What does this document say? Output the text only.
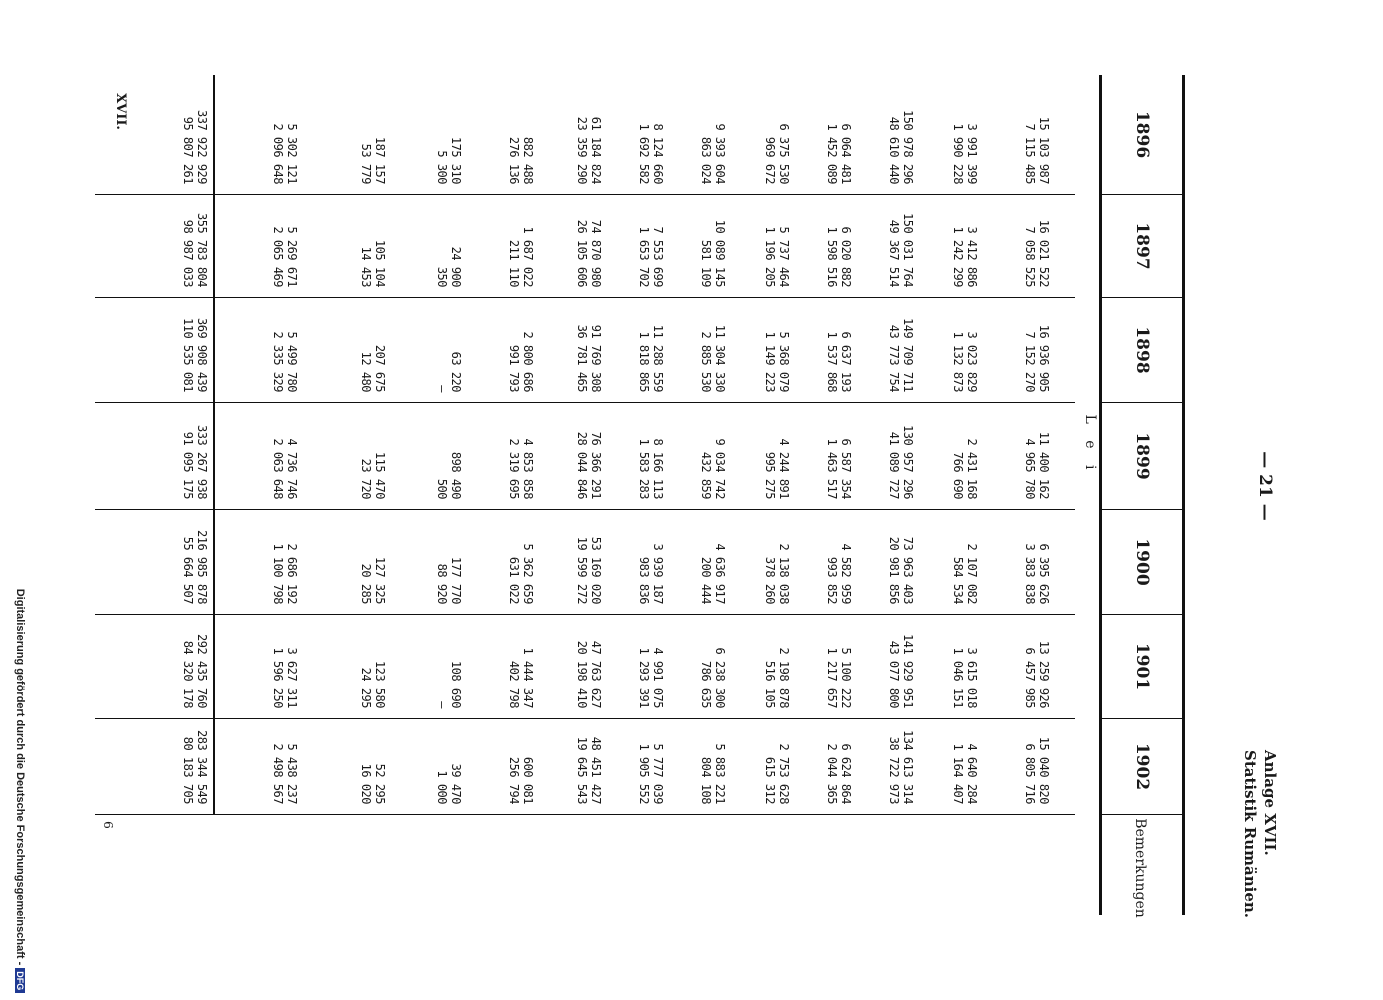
— 21 —
Anlage XVII.
Statistik Rumänien.
Bemerkungen
XVII.
6
Digitalisierung gefördert durch die Deutsche Forschungsgemeinschaft -DFG
1896
1897
1898
1899
1900
1901
1902
L e i
15 103 987
7 115 485
3 991 399
1 990 228
150 978 296
48 610 440
6 064 481
1 452 089
6 375 530
969 672
9 393 604
863 024
8 124 660
1 692 582
61 184 824
23 359 290
882 488
276 136
175 310
5 300
187 157
53 779
5 302 121
2 096 648
337 922 929
95 807 261
16 021 522
7 058 525
3 412 886
1 242 299
150 031 764
49 367 514
6 020 882
1 598 516
5 737 464
1 196 205
10 089 145
581 109
7 553 699
1 653 702
74 870 980
26 105 606
1 687 022
211 110
24 900
350
105 104
14 453
5 269 671
2 065 469
355 783 804
98 987 033
16 936 905
7 152 270
3 023 829
1 132 873
149 709 711
43 773 754
6 637 193
1 537 868
5 368 079
1 149 223
11 304 330
2 885 530
11 288 559
1 818 865
91 769 308
36 781 465
2 800 686
991 793
63 220
—
207 675
12 480
5 499 780
2 335 329
369 908 439
110 535 081
11 400 162
4 965 780
2 431 168
766 690
130 957 296
41 089 727
6 587 354
1 463 517
4 244 891
995 275
9 034 742
432 859
8 166 113
1 583 283
76 366 291
28 044 846
4 853 858
2 319 695
898 490
500
115 470
23 720
4 736 746
2 063 648
333 267 938
91 095 175
6 395 626
3 383 838
2 107 082
584 534
73 963 403
20 981 856
4 582 959
993 852
2 138 038
378 260
4 636 917
200 444
3 939 187
983 836
53 169 020
19 599 272
5 362 659
631 022
177 770
88 920
127 325
20 285
2 686 192
1 100 798
216 985 878
55 664 507
13 259 926
6 457 985
3 615 018
1 046 151
141 929 951
43 077 800
5 100 222
1 217 657
2 198 878
516 105
6 238 300
786 635
4 991 075
1 293 391
47 763 627
20 198 410
1 444 347
402 798
108 690
—
123 580
24 295
3 627 311
1 596 250
292 435 760
84 320 178
15 040 820
6 805 716
4 640 284
1 164 407
134 613 314
38 722 973
6 624 864
2 044 365
2 753 628
615 312
5 883 221
804 108
5 777 039
1 905 552
48 451 427
19 645 543
600 081
256 794
39 470
1 000
52 295
16 020
5 438 237
2 498 567
283 344 549
80 183 705
